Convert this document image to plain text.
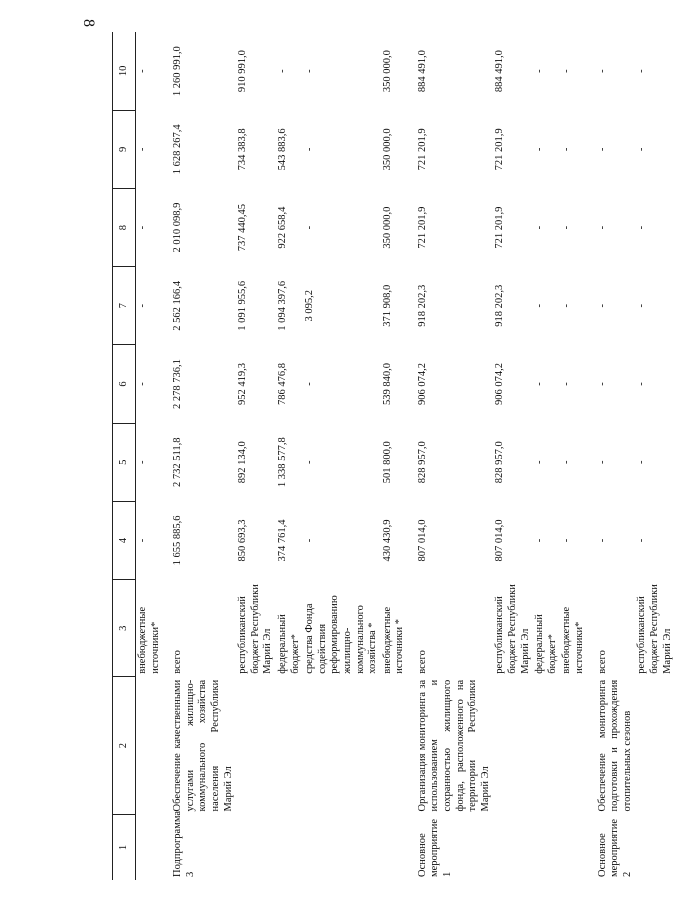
8
1	2	3	4	5	6	7	8	9	10
		внебюджетные источники*	-	-	-	-	-	-	-

Подпрограмма 3	Обеспечение качественными услугами жилищно-коммунального хозяйства населения Республики Марий Эл	всего	1 655 885,6	2 732 511,8	2 278 736,1	2 562 166,4	2 010 098,9	1 628 267,4	1 260 991,0
		республиканский бюджет Республики Марий Эл	850 693,3	892 134,0	952 419,3	1 091 955,6	737 440,45	734 383,8	910 991,0
		федеральный бюджет*	374 761,4	1 338 577,8	786 476,8	1 094 397,6	922 658,4	543 883,6	-
		средства Фонда содействия реформированию жилищно-коммунального хозяйства *	-	-	-	3 095,2	-	-	-
		внебюджетные источники *	430 430,9	501 800,0	539 840,0	371 908,0	350 000,0	350 000,0	350 000,0

Основное мероприятие 1	Организация мониторинга за использованием и сохранностью жилищного фонда, расположенного на территории Республики Марий Эл	всего	807 014,0	828 957,0	906 074,2	918 202,3	721 201,9	721 201,9	884 491,0
		республиканский бюджет Республики Марий Эл	807 014,0	828 957,0	906 074,2	918 202,3	721 201,9	721 201,9	884 491,0
		федеральный бюджет*	-	-	-	-	-	-	-
		внебюджетные источники*	-	-	-	-	-	-	-

Основное мероприятие 2	Обеспечение мониторинга подготовки и прохождения отопительных сезонов	всего	-	-	-	-	-	-	-
		республиканский бюджет Республики Марий Эл	-	-	-	-	-	-	-
